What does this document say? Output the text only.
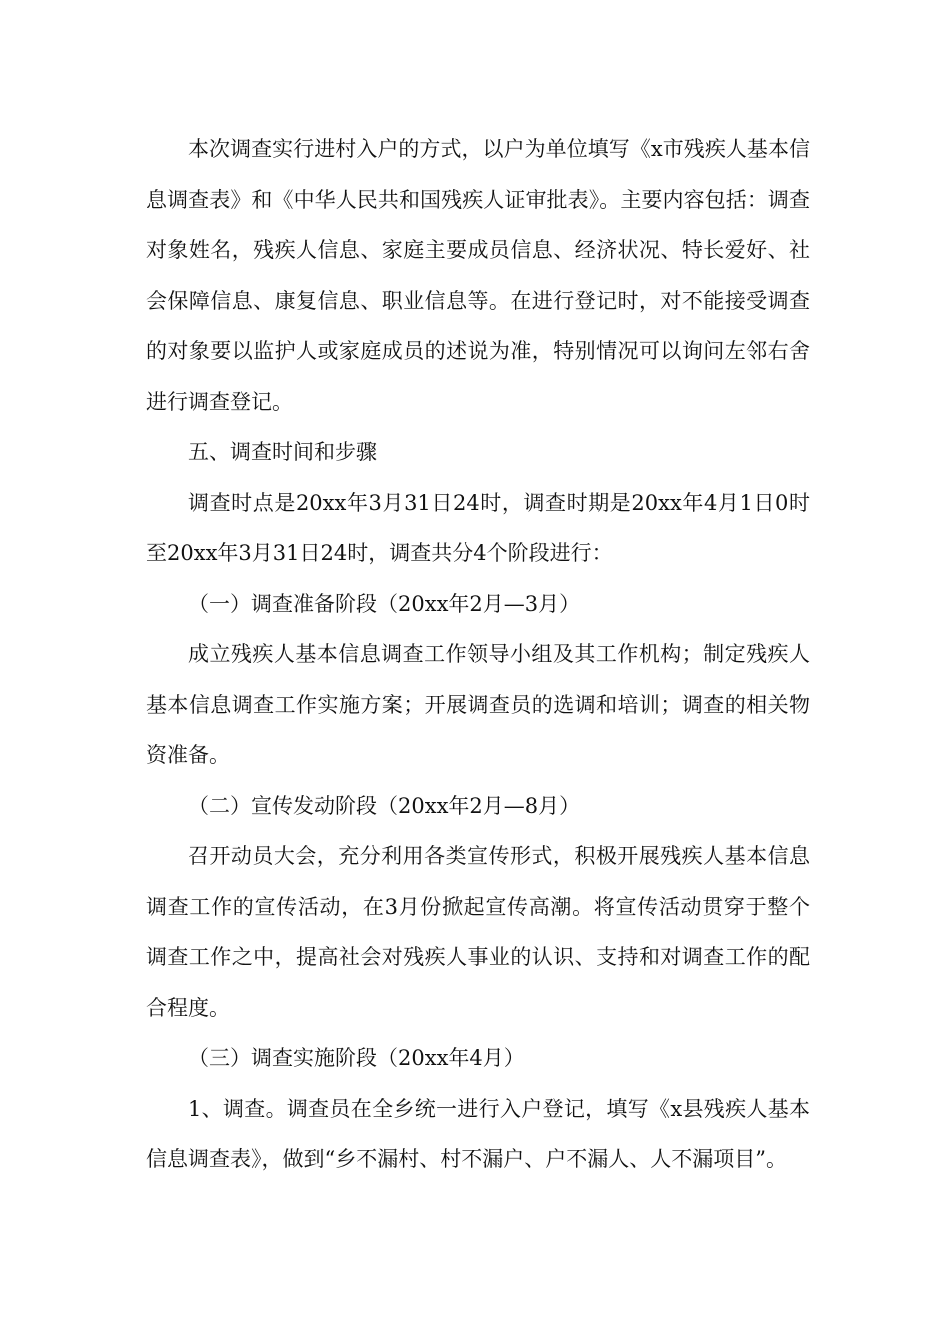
本次调查实行进村入户的方式，以户为单位填写《x市残疾人基本信息调查表》和《中华人民共和国残疾人证审批表》。主要内容包括：调查对象姓名，残疾人信息、家庭主要成员信息、经济状况、特长爱好、社会保障信息、康复信息、职业信息等。在进行登记时，对不能接受调查的对象要以监护人或家庭成员的述说为准，特别情况可以询问左邻右舍进行调查登记。

五、调查时间和步骤

调查时点是20xx年3月31日24时，调查时期是20xx年4月1日0时至20xx年3月31日24时，调查共分4个阶段进行：

（一）调查准备阶段（20xx年2月—3月）

成立残疾人基本信息调查工作领导小组及其工作机构；制定残疾人基本信息调查工作实施方案；开展调查员的选调和培训；调查的相关物资准备。

（二）宣传发动阶段（20xx年2月—8月）

召开动员大会，充分利用各类宣传形式，积极开展残疾人基本信息调查工作的宣传活动，在3月份掀起宣传高潮。将宣传活动贯穿于整个调查工作之中，提高社会对残疾人事业的认识、支持和对调查工作的配合程度。

（三）调查实施阶段（20xx年4月）

1、调查。调查员在全乡统一进行入户登记，填写《x县残疾人基本信息调查表》，做到“乡不漏村、村不漏户、户不漏人、人不漏项目”。
